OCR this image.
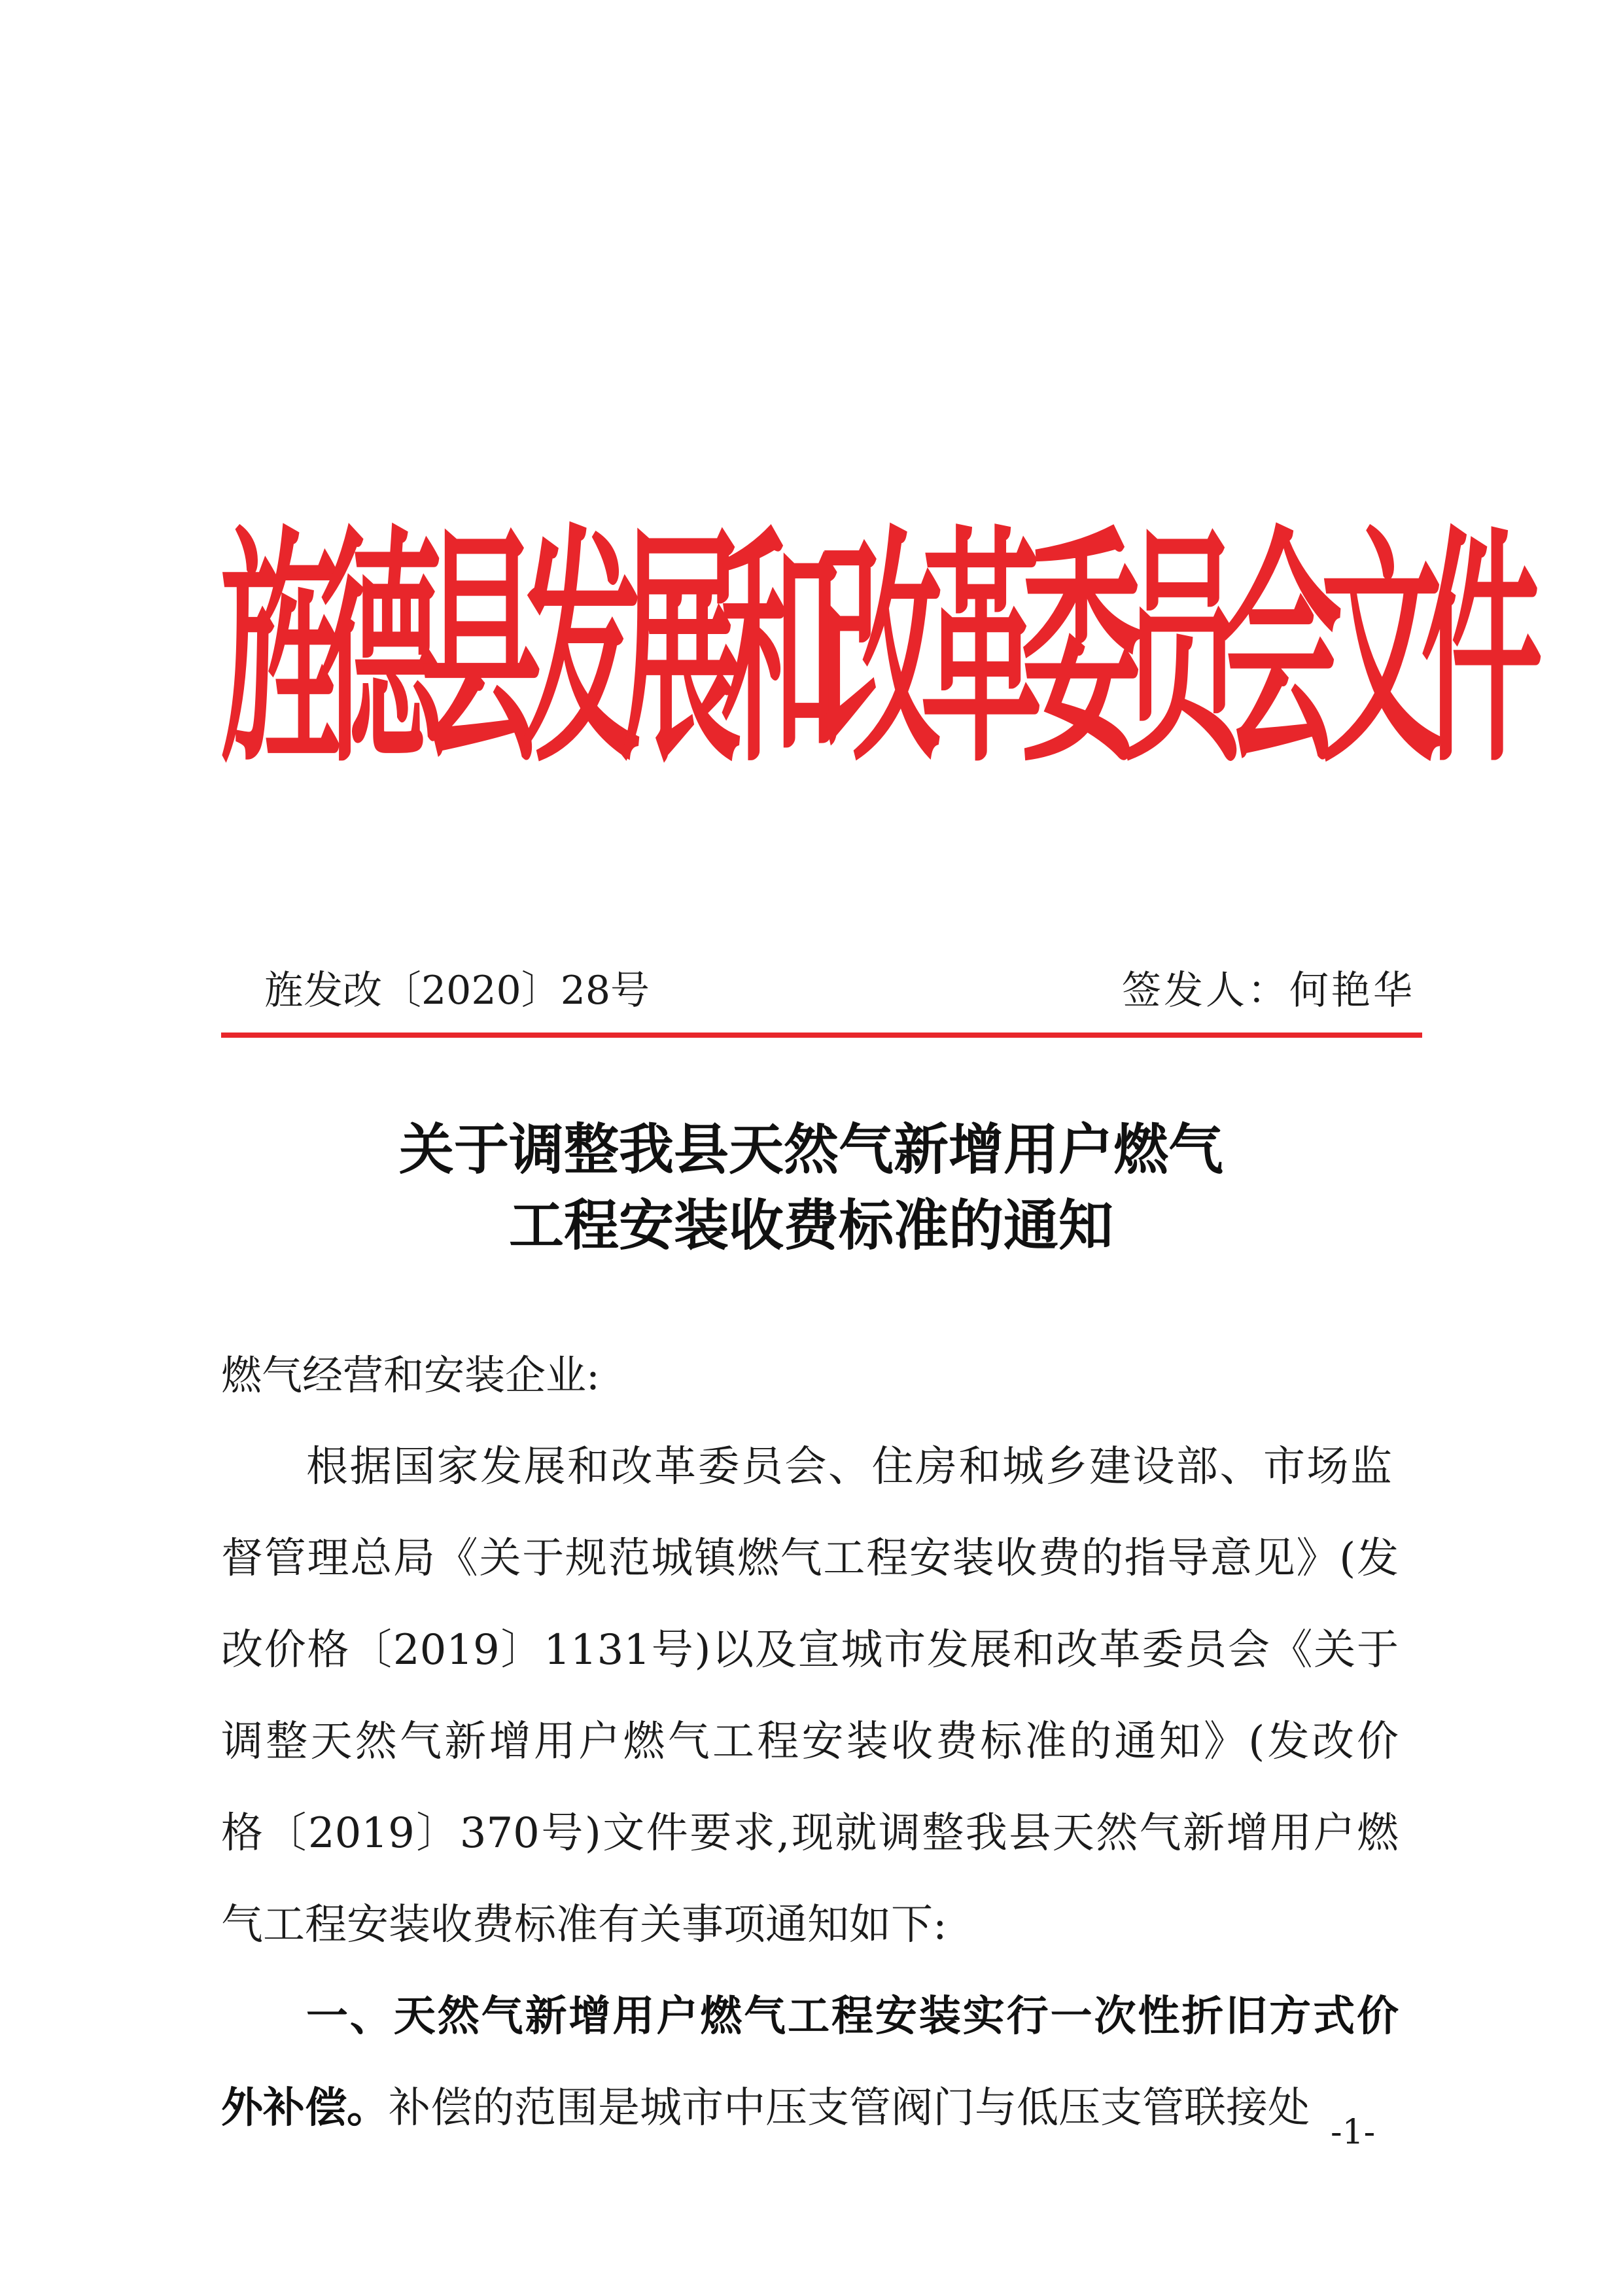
旌
德
县
发
展
和
改
革
委
员
会
文
件
旌发改〔2020〕28号	签发人：何艳华
关于调整我县天然气新增用户燃气
工程安装收费标准的通知
燃气经营和安装企业:
根据国家发展和改革委员会、住房和城乡建设部、市场监
督管理总局《关于规范城镇燃气工程安装收费的指导意见》(发
改价格〔2019〕1131号)以及宣城市发展和改革委员会《关于
调整天然气新增用户燃气工程安装收费标准的通知》(发改价
格〔2019〕370号)文件要求,现就调整我县天然气新增用户燃
气工程安装收费标准有关事项通知如下:
一、天然气新增用户燃气工程安装实行一次性折旧方式价
外补偿。补偿的范围是城市中压支管阀门与低压支管联接处 -1-
